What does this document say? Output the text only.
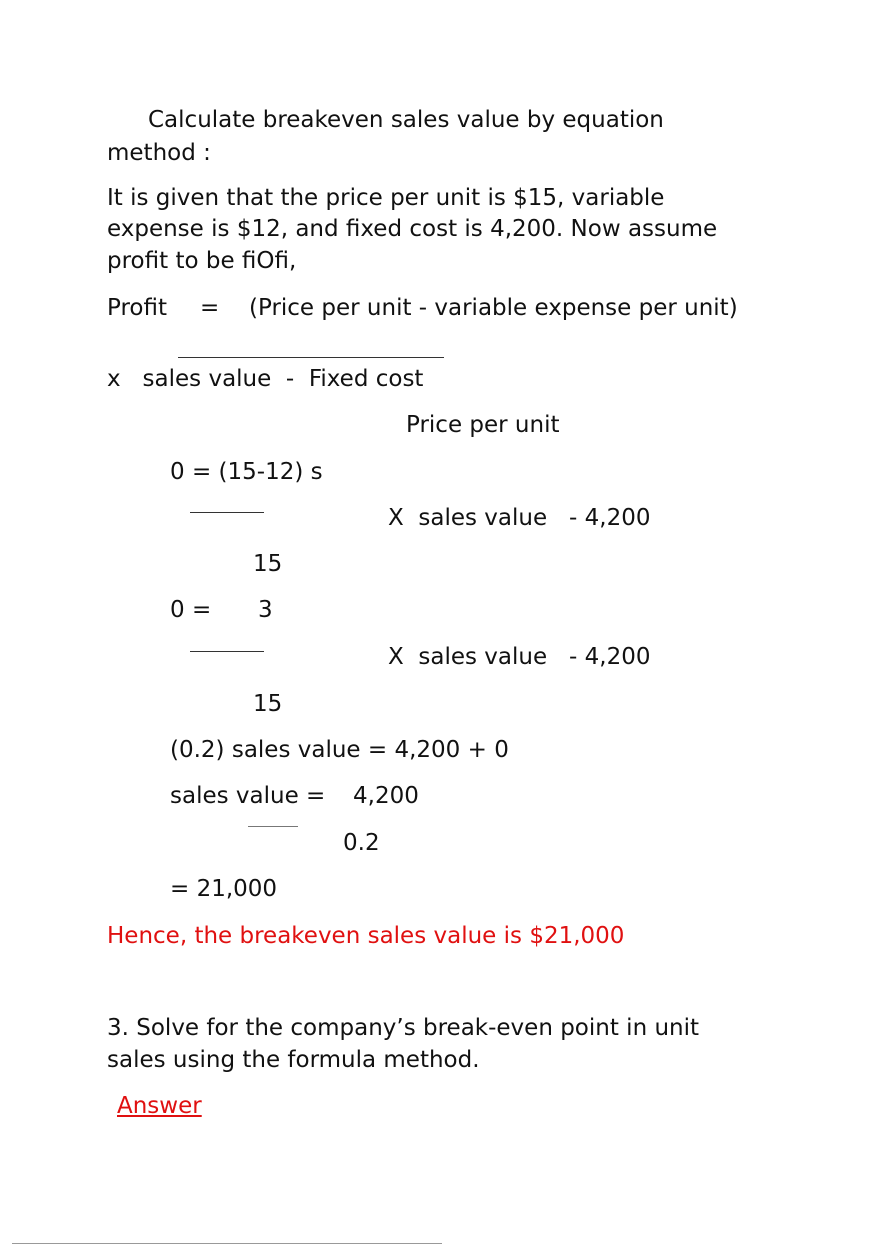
Calculate breakeven sales value by equation
method :
It is given that the price per unit is $15, variable
expense is $12, and fixed cost is 4,200. Now assume
profit to be ﬁOﬁ,
Profit = (Price per unit - variable expense per unit)
x   sales value  -  Fixed cost
Price per unit
0 = (15-12) s
X  sales value   - 4,200
15
0 = 3
X  sales value   - 4,200
15
(0.2) sales value = 4,200 + 0
sales value = 4,200
0.2
= 21,000
Hence, the breakeven sales value is $21,000
3. Solve for the company’s break-even point in unit
sales using the formula method.
Answer
